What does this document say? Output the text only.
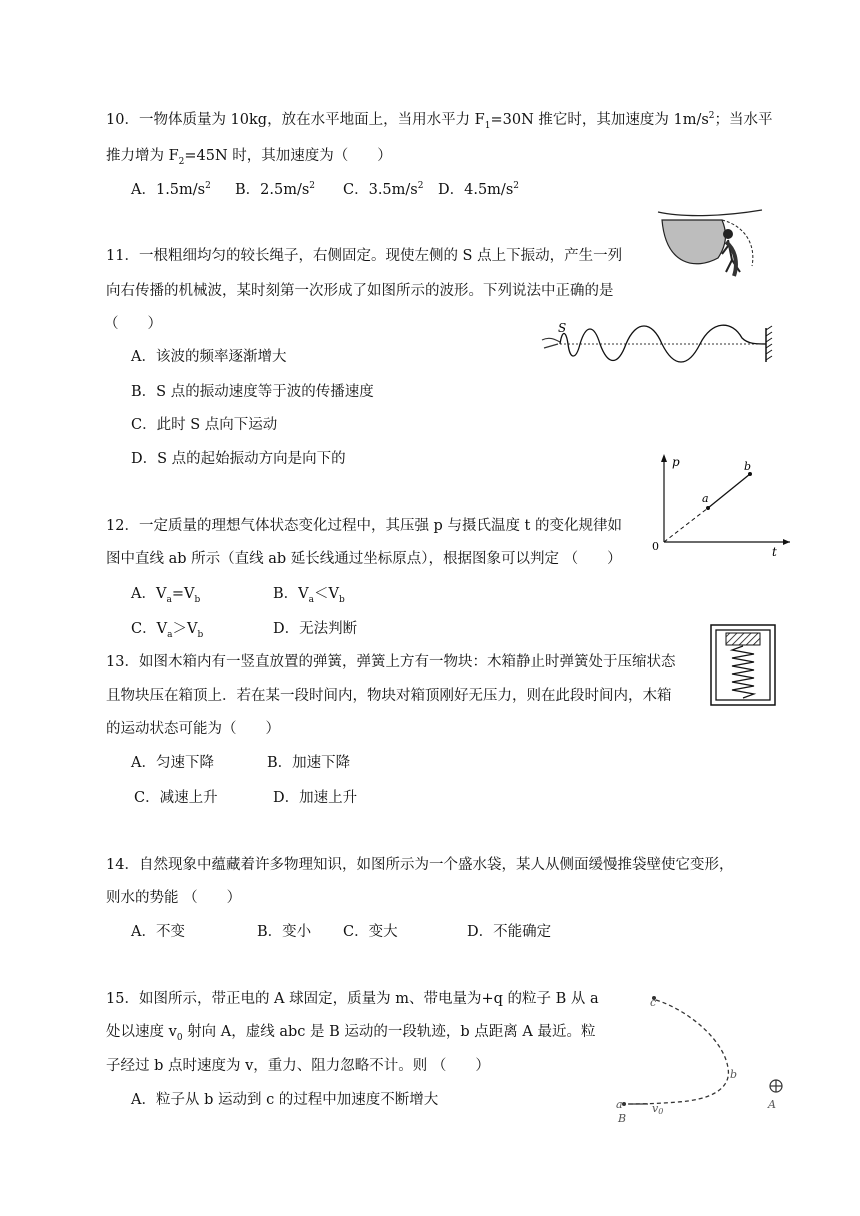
10．一物体质量为 10kg，放在水平地面上，当用水平力 $F_1=30N$ 推它时，其加速度为 $1m/s^2$；当水平
推力增为 $F_2=45N$ 时，其加速度为（　　）
A．$1.5m/s^2$ B．$2.5m/s^2$ C．$3.5m/s^2$ D．$4.5m/s^2$
11．一根粗细均匀的较长绳子，右侧固定。现使左侧的 S 点上下振动，产生一列
向右传播的机械波，某时刻第一次形成了如图所示的波形。下列说法中正确的是
（　　）
A．该波的频率逐渐增大
B．S 点的振动速度等于波的传播速度
C．此时 S 点向下运动
D．S 点的起始振动方向是向下的
S
p
t
0
a
b
12．一定质量的理想气体状态变化过程中，其压强 p 与摄氏温度 t 的变化规律如
图中直线 ab 所示（直线 ab 延长线通过坐标原点），根据图象可以判定 （　　）
A．$V_a=V_b$	B．$V_a<V_b$
C．$V_a>V_b$	D．无法判断
13．如图木箱内有一竖直放置的弹簧，弹簧上方有一物块：木箱静止时弹簧处于压缩状态
且物块压在箱顶上．若在某一段时间内，物块对箱顶刚好无压力，则在此段时间内，木箱
的运动状态可能为（　　）
A．匀速下降	B．加速下降
C．减速上升	D．加速上升
14．自然现象中蕴藏着许多物理知识，如图所示为一个盛水袋，某人从侧面缓慢推袋壁使它变形，
则水的势能 （　　）
A．不变	B．变小 C．变大	D．不能确定
15．如图所示，带正电的 A 球固定，质量为 m、带电量为+q 的粒子 B 从 a
处以速度 $v_0$ 射向 A，虚线 abc 是 B 运动的一段轨迹，b 点距离 A 最近。粒
子经过 b 点时速度为 v，重力、阻力忽略不计。则 （　　）
A．粒子从 b 运动到 c 的过程中加速度不断增大
c
b
a
B
v0
A
